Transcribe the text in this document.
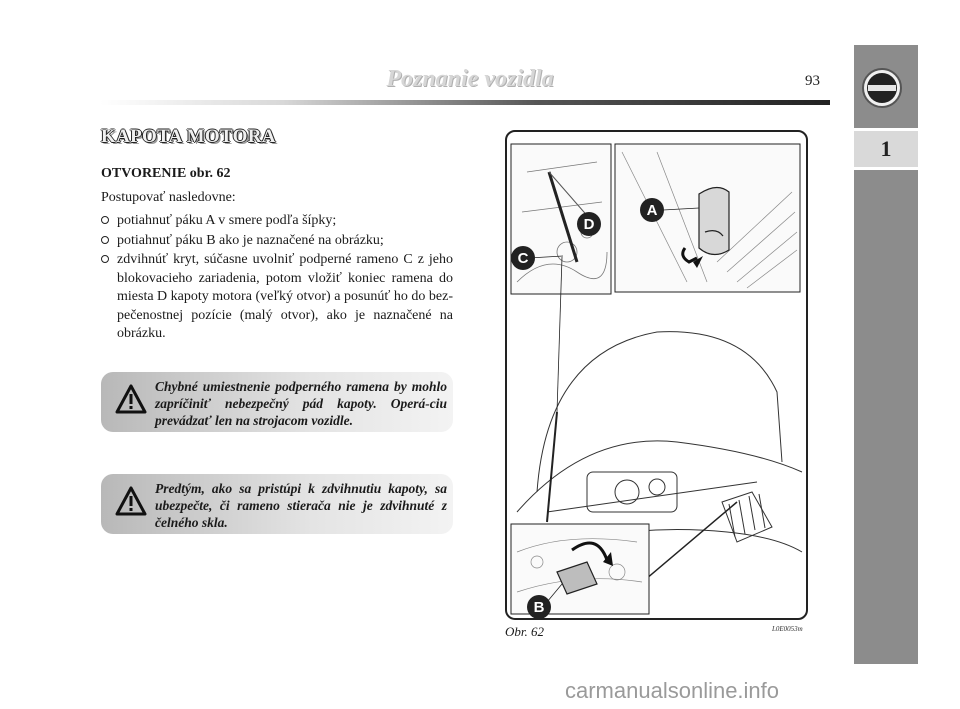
Poznanie vozidla	93
1
KAPOTA MOTORA
OTVORENIE obr. 62
Postupovať nasledovne:
potiahnuť páku A v smere podľa šípky;
potiahnuť páku B ako je naznačené na obrázku;
zdvihnúť kryt, súčasne uvolniť podperné rameno C z jeho blokovacieho zariadenia, potom vložiť koniec ramena do miesta D kapoty motora (veľký otvor) a posunúť ho do bez-pečenostnej pozície (malý otvor), ako je naznačené na obrázku.
Chybné umiestnenie podperného ramena by mohlo zapríčiniť nebezpečný pád kapoty. Operá-ciu prevádzať len na strojacom vozidle.
Predtým, ako sa pristúpi k zdvihnutiu kapoty, sa ubezpečte, či rameno stierača nie je zdvihnuté z čelného skla.
A
B
C
D
Obr. 62	L0E0053m
carmanualsonline.info
